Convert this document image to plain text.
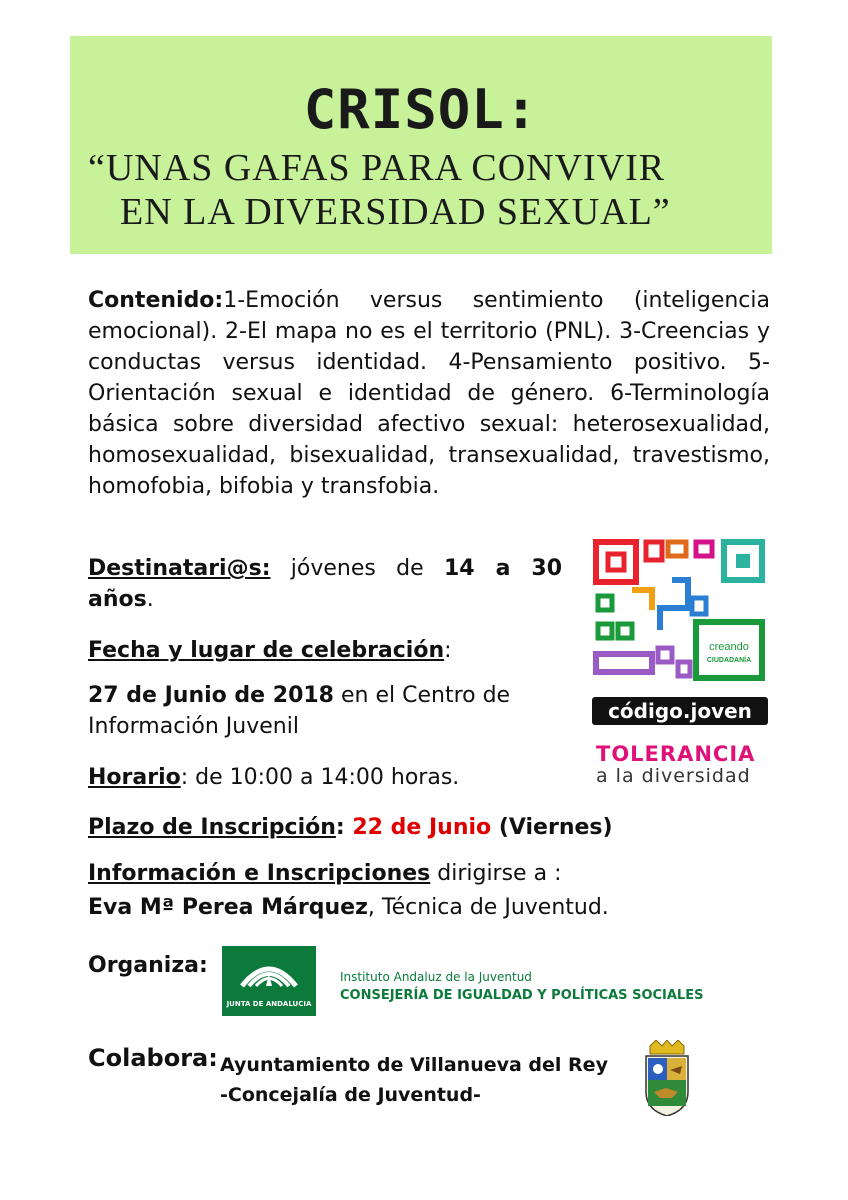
CRISOL:
“UNAS GAFAS PARA CONVIVIR
EN LA DIVERSIDAD SEXUAL”
Contenido:1-Emoción versus sentimiento (inteligencia emocional). 2-El mapa no es el territorio (PNL). 3-Creencias y conductas versus identidad. 4-Pensamiento positivo. 5-Orientación sexual e identidad de género. 6-Terminología básica sobre diversidad afectivo sexual: heterosexualidad, homosexualidad, bisexualidad, transexualidad, travestismo, homofobia, bifobia y transfobia.
Destinatari@s: jóvenes de 14 a 30 años.
Fecha y lugar de celebración:
27 de Junio de 2018 en el Centro de Información Juvenil
Horario: de 10:00 a 14:00 horas.
Plazo de Inscripción: 22 de Junio (Viernes)
Información e Inscripciones dirigirse a :
Eva Mª Perea Márquez, Técnica de Juventud.
Organiza:
JUNTA DE ANDALUCIA
Instituto Andaluz de la Juventud
CONSEJERÍA DE IGUALDAD Y POLÍTICAS SOCIALES
Colabora: Ayuntamiento de Villanueva del Rey
-Concejalía de Juventud-
creando
CIUDADANÍA
código.joven
TOLERANCIA
a la diversidad
